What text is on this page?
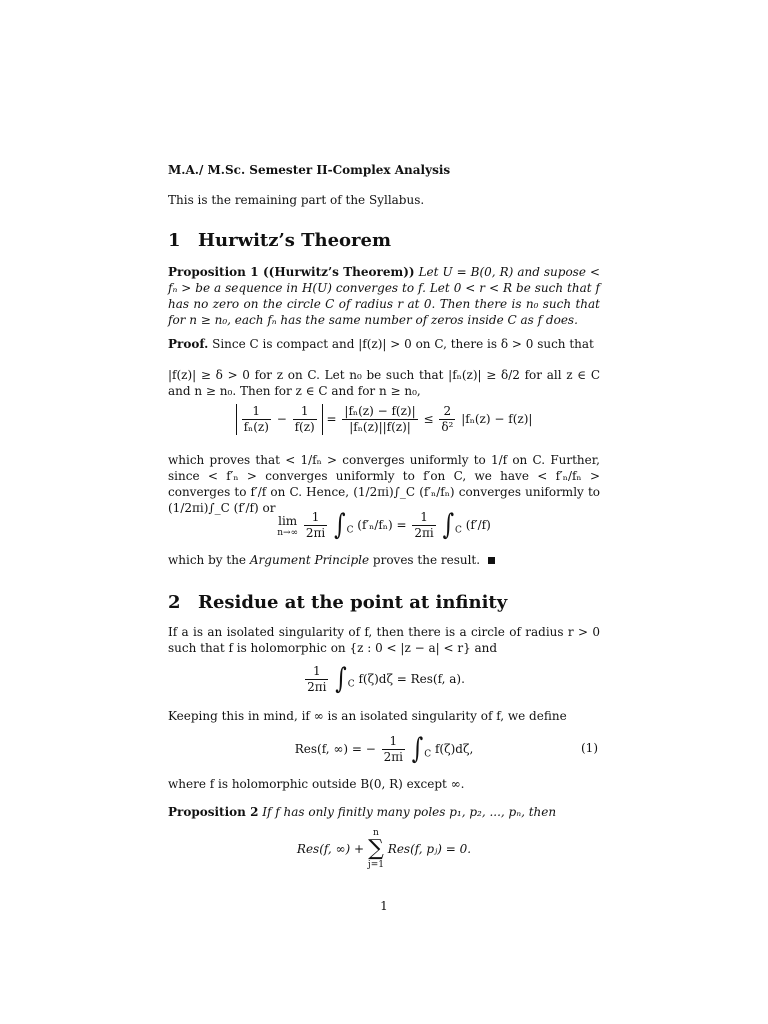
M.A./ M.Sc. Semester II-Complex Analysis
This is the remaining part of the Syllabus.
1 Hurwitz’s Theorem
Proposition 1 ((Hurwitz’s Theorem)) Let U = B(0, R) and supose < fₙ > be a sequence in H(U) converges to f. Let 0 < r < R be such that f has no zero on the circle C of radius r at 0. Then there is n₀ such that for n ≥ n₀, each fₙ has the same number of zeros inside C as f does.
Proof. Since C is compact and |f(z)| > 0 on C, there is δ > 0 such that
|f(z)| ≥ δ > 0 for z on C. Let n₀ be such that |fₙ(z)| ≥ δ/2 for all z ∈ C and n ≥ n₀. Then for z ∈ C and for n ≥ n₀,
$\frac{1}{\text{fₙ(z)}} - \frac{1}{f(z)} = \frac{\text{|fₙ(z) − f(z)|}}{\text{|fₙ(z)||f(z)|}} \le \frac{2}{\text{δ²}} |f_n(z) - f(z)|$
which proves that < 1/fₙ > converges uniformly to 1/f on C. Further, since < f′ₙ > converges uniformly to f′on C, we have < f′ₙ/fₙ > converges to f′/f on C. Hence, (1/2πi)∫_C (f′ₙ/fₙ) converges uniformly to (1/2πi)∫_C (f′/f) or
lim
n→∞
$\frac{1}{2\pi i} \int_C$ $(f'_n/f_n) = \frac{1}{2\pi i} \int_C$ (f′/f)
which by the Argument Principle proves the result.
2 Residue at the point at infinity
If a is an isolated singularity of f, then there is a circle of radius r > 0 such that f is holomorphic on {z : 0 < |z − a| < r} and
$\frac{1}{2\pi i} \int_C$ f(ζ)dζ = Res(f, a).
Keeping this in mind, if ∞ is an isolated singularity of f, we define
Res(f, ∞) = − $\frac{1}{2\pi i} \int_C$ f(ζ)dζ,	(1)
where f is holomorphic outside B(0, R) except ∞.
Proposition 2 If f has only finitly many poles p₁, p₂, ..., pₙ, then
Res(f, ∞) +
n
∑
j=1
Res(f, pⱼ) = 0.
1
